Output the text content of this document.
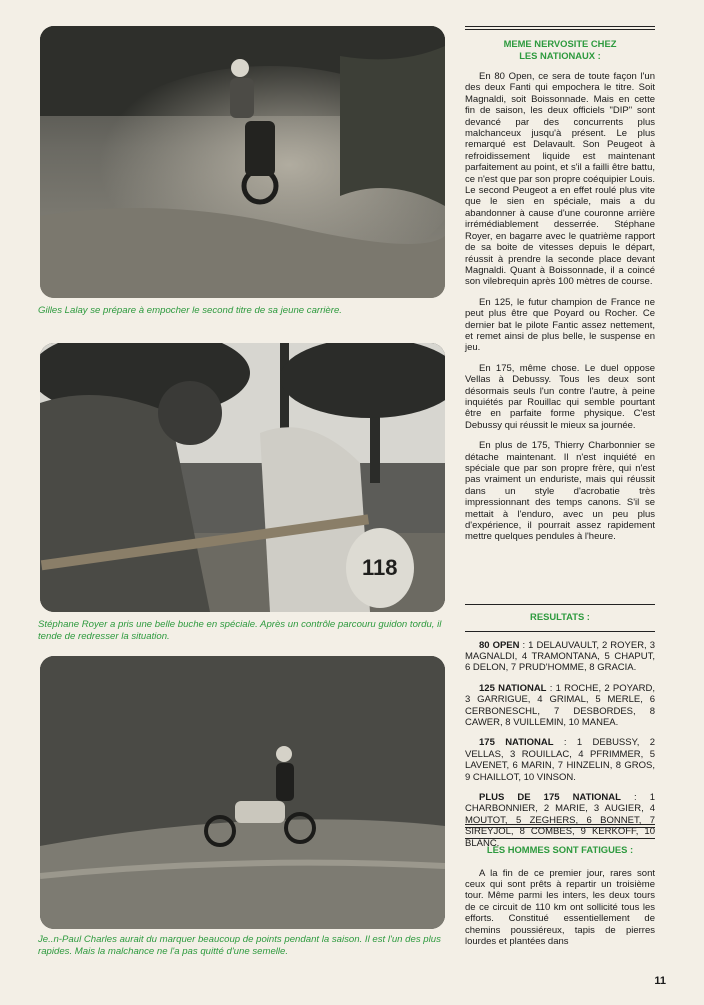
Gilles Lalay se prépare à empocher le second titre de sa jeune carrière.

118

Stéphane Royer a pris une belle buche en spéciale. Après un contrôle parcouru guidon tordu, il tende de redresser la situation.

Je..n-Paul Charles aurait du marquer beaucoup de points pendant la saison. Il est l'un des plus rapides. Mais la malchance ne l'a pas quitté d'une semelle.

MEME NERVOSITE CHEZ LES NATIONAUX :

En 80 Open, ce sera de toute façon l'un des deux Fanti qui empochera le titre. Soit Magnaldi, soit Boissonnade. Mais en cette fin de saison, les deux officiels "DIP" sont devancé par des concurrents plus malchanceux jusqu'à présent. Le plus remarqué est Delavault. Son Peugeot à refroidissement liquide est maintenant parfaitement au point, et s'il a failli être battu, ce n'est que par son propre coéquipier Louis. Le second Peugeot a en effet roulé plus vite que le sien en spéciale, mais a du abandonner à cause d'une couronne arrière irrémédiablement desserrée. Stéphane Royer, en bagarre avec le quatrième rapport de sa boite de vitesses depuis le départ, réussit à prendre la seconde place devant Magnaldi. Quant à Boissonnade, il a coincé son vilebrequin après 100 mètres de course.

En 125, le futur champion de France ne peut plus être que Poyard ou Rocher. Ce dernier bat le pilote Fantic assez nettement, et remet ainsi de plus belle, le suspense en jeu.

En 175, même chose. Le duel oppose Vellas à Debussy. Tous les deux sont désormais seuls l'un contre l'autre, à peine inquiétés par Rouillac qui semble pourtant être en parfaite forme physique. C'est Debussy qui réussit le mieux sa journée.

En plus de 175, Thierry Charbonnier se détache maintenant. Il n'est inquiété en spéciale que par son propre frère, qui n'est pas vraiment un enduriste, mais qui réussit dans un style d'acrobatie très impressionnant des temps canons. S'il se mettait à l'enduro, avec un peu plus d'expérience, il pourrait assez rapidement mettre quelques pendules à l'heure.

RESULTATS :

80 OPEN : 1 DELAUVAULT, 2 ROYER, 3 MAGNALDI, 4 TRAMONTANA, 5 CHAPUT, 6 DELON, 7 PRUD'HOMME, 8 GRACIA.

125 NATIONAL : 1 ROCHE, 2 POYARD, 3 GARRIGUE, 4 GRIMAL, 5 MERLE, 6 CERBONESCHL, 7 DESBORDES, 8 CAWER, 8 VUILLEMIN, 10 MANEA.

175 NATIONAL : 1 DEBUSSY, 2 VELLAS, 3 ROUILLAC, 4 PFRIMMER, 5 LAVENET, 6 MARIN, 7 HINZELIN, 8 GROS, 9 CHAILLOT, 10 VINSON.

PLUS DE 175 NATIONAL : 1 CHARBONNIER, 2 MARIE, 3 AUGIER, 4 MOUTOT, 5 ZEGHERS, 6 BONNET, 7 SIREYJOL, 8 COMBES, 9 KERKOFF, 10 BLANC.

LES HOMMES SONT FATIGUES :

A la fin de ce premier jour, rares sont ceux qui sont prêts à repartir un troisième tour. Même parmi les inters, les deux tours de ce circuit de 110 km ont sollicité tous les efforts. Constitué essentiellement de chemins poussiéreux, tapis de pierres lourdes et plantées dans

11
